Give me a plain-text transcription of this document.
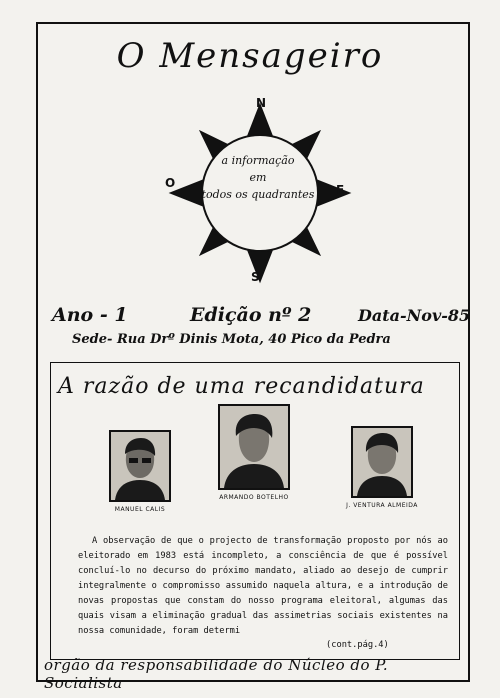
O Mensageiro
N
S
E
O
a informação
em
todos os quadrantes
Ano - 1	Edição nº 2	Data-Nov-85
Sede- Rua Drº Dinis Mota, 40 Pico da Pedra
A razão de uma recandidatura
MANUEL CALIS
ARMANDO BOTELHO
J. VENTURA ALMEIDA
A observação de que o projecto de transformação proposto por nós ao eleitorado em 1983 está incompleto, a consciência de que é possível concluí-lo no decurso do próximo mandato, aliado ao desejo de cumprir integralmente o compromisso assumido naquela altura, e a introdução de novas propostas que constam do nosso programa eleitoral, algumas das quais visam a eliminação gradual das assimetrias sociais existentes na nossa comunidade, foram determi
(cont.pág.4)
orgão da responsabilidade do Núcleo do P. Socialista
